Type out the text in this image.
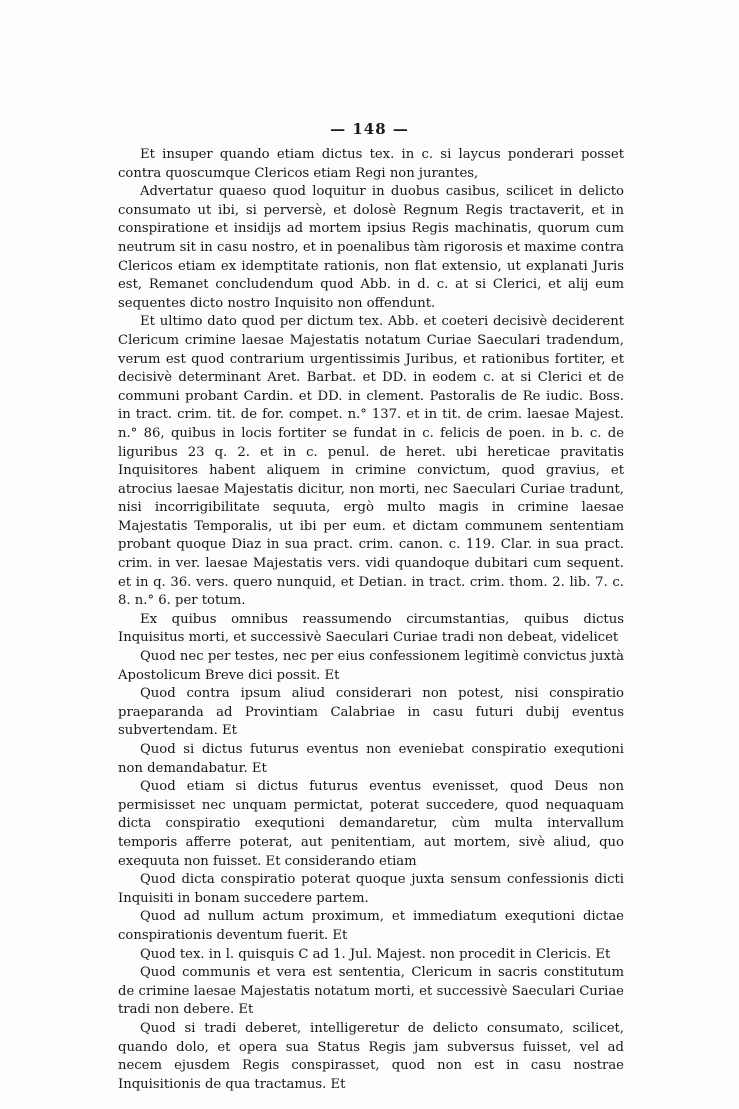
— 148 —

Et insuper quando etiam dictus tex. in c. si laycus ponderari posset contra quoscumque Clericos etiam Regi non jurantes,

Advertatur quaeso quod loquitur in duobus casibus, scilicet in delicto consumato ut ibi, si perversè, et dolosè Regnum Regis tractaverit, et in conspiratione et insidijs ad mortem ipsius Regis machinatis, quorum cum neutrum sit in casu nostro, et in poenalibus tàm rigorosis et maxime contra Clericos etiam ex idemptitate rationis, non flat extensio, ut explanati Juris est, Remanet concludendum quod Abb. in d. c. at si Clerici, et alij eum sequentes dicto nostro Inquisito non offendunt.

Et ultimo dato quod per dictum tex. Abb. et coeteri decisivè deciderent Clericum crimine laesae Majestatis notatum Curiae Saeculari tradendum, verum est quod contrarium urgentissimis Juribus, et rationibus fortiter, et decisivè determinant Aret. Barbat. et DD. in eodem c. at si Clerici et de communi probant Cardin. et DD. in clement. Pastoralis de Re iudic. Boss. in tract. crim. tit. de for. compet. n.° 137. et in tit. de crim. laesae Majest. n.° 86, quibus in locis fortiter se fundat in c. felicis de poen. in b. c. de liguribus 23 q. 2. et in c. penul. de heret. ubi hereticae pravitatis Inquisitores habent aliquem in crimine convictum, quod gravius, et atrocius laesae Majestatis dicitur, non morti, nec Saeculari Curiae tradunt, nisi incorrigibilitate sequuta, ergò multo magis in crimine laesae Majestatis Temporalis, ut ibi per eum. et dictam communem sententiam probant quoque Diaz in sua pract. crim. canon. c. 119. Clar. in sua pract. crim. in ver. laesae Majestatis vers. vidi quandoque dubitari cum sequent. et in q. 36. vers. quero nunquid, et Detian. in tract. crim. thom. 2. lib. 7. c. 8. n.° 6. per totum.

Ex quibus omnibus reassumendo circumstantias, quibus dictus Inquisitus morti, et successivè Saeculari Curiae tradi non debeat, videlicet

Quod nec per testes, nec per eius confessionem legitimè convictus juxtà Apostolicum Breve dici possit. Et

Quod contra ipsum aliud considerari non potest, nisi conspiratio praeparanda ad Provintiam Calabriae in casu futuri dubij eventus subvertendam. Et

Quod si dictus futurus eventus non eveniebat conspiratio exequtioni non demandabatur. Et

Quod etiam si dictus futurus eventus evenisset, quod Deus non permisisset nec unquam permictat, poterat succedere, quod nequaquam dicta conspiratio exequtioni demandaretur, cùm multa intervallum temporis afferre poterat, aut penitentiam, aut mortem, sivè aliud, quo exequuta non fuisset. Et considerando etiam

Quod dicta conspiratio poterat quoque juxta sensum confessionis dicti Inquisiti in bonam succedere partem.

Quod ad nullum actum proximum, et immediatum exequtioni dictae conspirationis deventum fuerit. Et

Quod tex. in l. quisquis C ad 1. Jul. Majest. non procedit in Clericis. Et

Quod communis et vera est sententia, Clericum in sacris constitutum de crimine laesae Majestatis notatum morti, et successivè Saeculari Curiae tradi non debere. Et

Quod si tradi deberet, intelligeretur de delicto consumato, scilicet, quando dolo, et opera sua Status Regis jam subversus fuisset, vel ad necem ejusdem Regis conspirasset, quod non est in casu nostrae Inquisitionis de qua tractamus. Et
